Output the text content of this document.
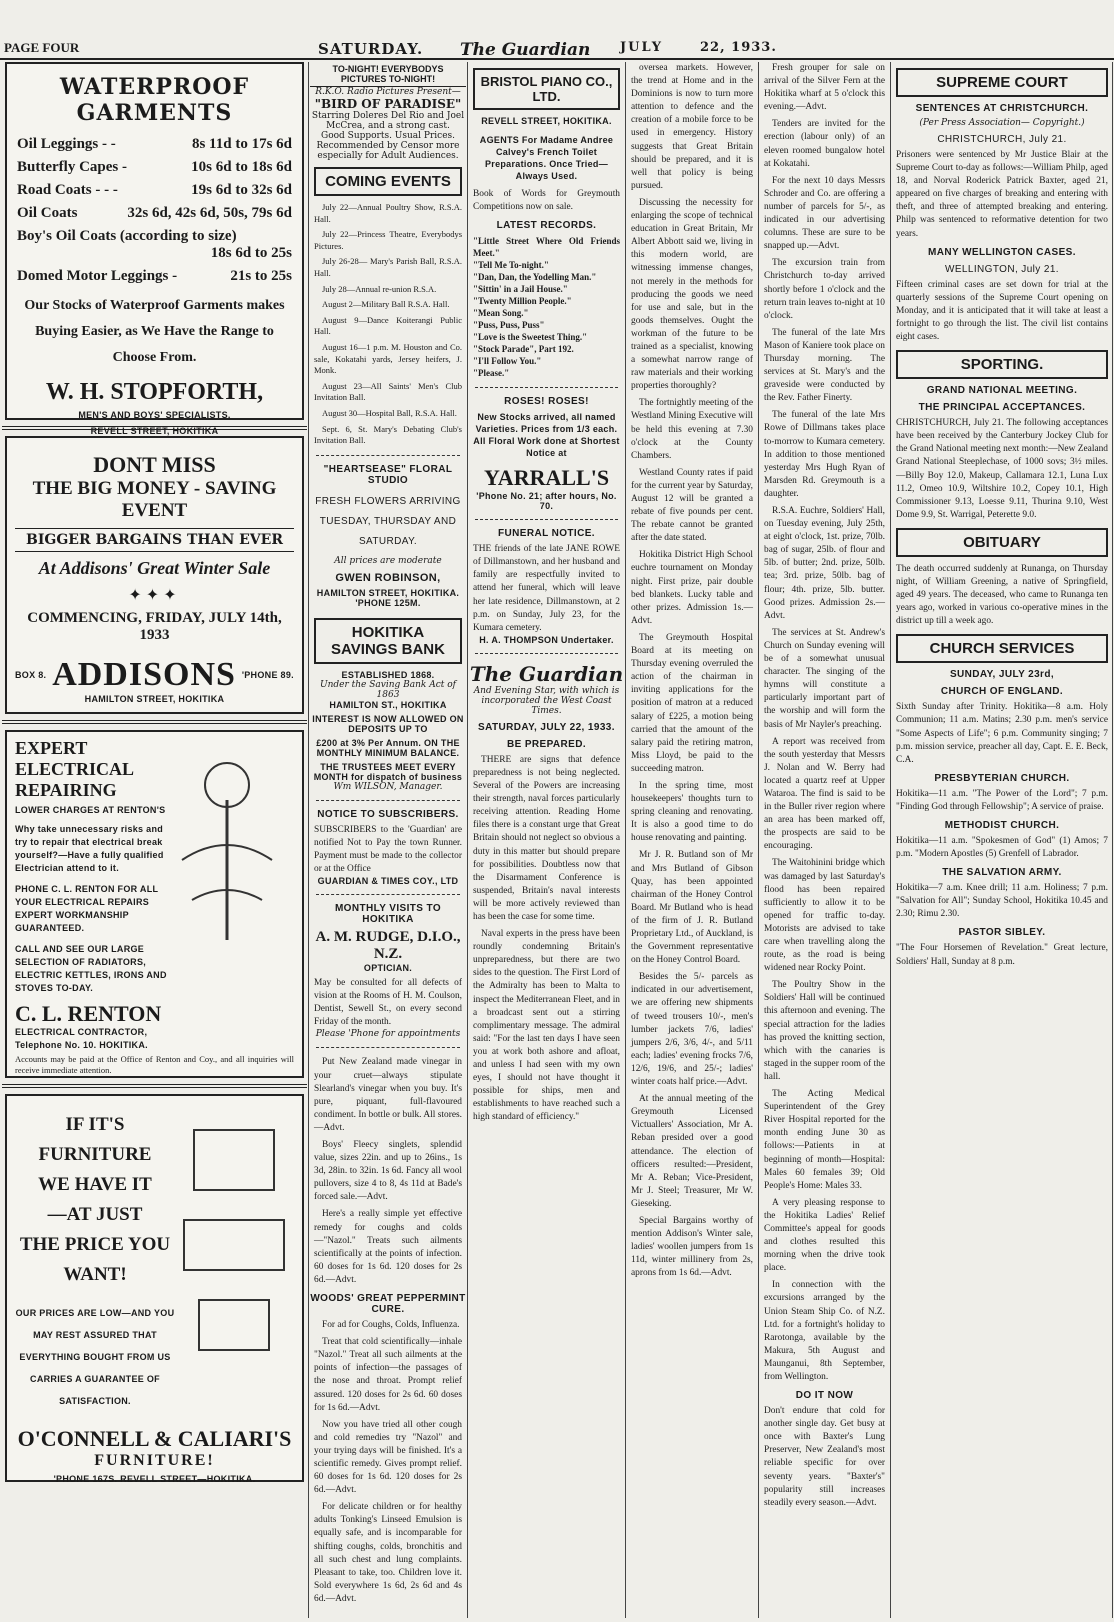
PAGE FOUR	SATURDAY. The Guardian JULY	22, 1933.
WATERPROOF GARMENTS
Oil Leggings - -	8s 11d to 17s 6d
Butterfly Capes -	10s 6d to 18s 6d
Road Coats - - -	19s 6d to 32s 6d
Oil Coats	32s 6d, 42s 6d, 50s, 79s 6d
Boy's Oil Coats (according to size)
18s 6d to 25s
Domed Motor Leggings -	21s to 25s
Our Stocks of Waterproof Garments makes Buying Easier, as We Have the Range to Choose From.
W. H. STOPFORTH,
MEN'S AND BOYS' SPECIALISTS,
REVELL STREET, HOKITIKA
DONT MISS
THE BIG MONEY - SAVING EVENT
BIGGER BARGAINS THAN EVER
At Addisons' Great Winter Sale
✦✦✦
COMMENCING, FRIDAY, JULY 14th, 1933
BOX 8. ADDISONS 'PHONE 89.
HAMILTON STREET, HOKITIKA
EXPERT
ELECTRICAL
REPAIRING
LOWER CHARGES AT RENTON'S
Why take unnecessary risks and try to repair that electrical break yourself?—Have a fully qualified Electrician attend to it.
PHONE C. L. RENTON FOR ALL YOUR ELECTRICAL REPAIRS EXPERT WORKMANSHIP GUARANTEED.
CALL AND SEE OUR LARGE SELECTION OF RADIATORS, ELECTRIC KETTLES, IRONS AND STOVES TO-DAY.
C. L. RENTON
ELECTRICAL CONTRACTOR,
Telephone No. 10. HOKITIKA.
Accounts may be paid at the Office of Renton and Coy., and all inquiries will receive immediate attention.
IF IT'S FURNITURE
WE HAVE IT
—AT JUST
THE PRICE YOU
WANT!
OUR PRICES ARE LOW—AND YOU MAY REST ASSURED THAT EVERYTHING BOUGHT FROM US CARRIES A GUARANTEE OF SATISFACTION.
O'CONNELL & CALIARI'S
FURNITURE!
'PHONE 167S. REVELL STREET—HOKITIKA.
TO-NIGHT! EVERYBODYS PICTURES TO-NIGHT!
R.K.O. Radio Pictures Present—
"BIRD OF PARADISE"
Starring Doleres Del Rio and Joel McCrea, and a strong cast.
Good Supports. Usual Prices.
Recommended by Censor more especially for Adult Audiences.
COMING EVENTS

July 22—Annual Poultry Show, R.S.A. Hall.

July 22—Princess Theatre, Everybodys Pictures.

July 26-28— Mary's Parish Ball, R.S.A. Hall.

July 28—Annual re-union R.S.A.

August 2—Military Ball R.S.A. Hall.

August 9—Dance Koiterangi Public Hall.

August 16—1 p.m. M. Houston and Co. sale, Kokatahi yards, Jersey heifers, J. Monk.

August 23—All Saints' Men's Club Invitation Ball.

August 30—Hospital Ball, R.S.A. Hall.

Sept. 6, St. Mary's Debating Club's Invitation Ball.

"HEARTSEASE" FLORAL STUDIO
FRESH FLOWERS ARRIVING TUESDAY, THURSDAY AND SATURDAY.
All prices are moderate
GWEN ROBINSON,
HAMILTON STREET, HOKITIKA.
'PHONE 125M.
HOKITIKA SAVINGS BANK
ESTABLISHED 1868.
Under the Saving Bank Act of 1863
HAMILTON ST., HOKITIKA
INTEREST IS NOW ALLOWED ON DEPOSITS UP TO
£200 at 3% Per Annum. ON THE MONTHLY MINIMUM BALANCE.
THE TRUSTEES MEET EVERY MONTH for dispatch of business
Wm WILSON, Manager.
NOTICE TO SUBSCRIBERS.
SUBSCRIBERS to the 'Guardian' are notified Not to Pay the town Runner. Payment must be made to the collector or at the Office
GUARDIAN & TIMES COY., LTD
MONTHLY VISITS TO HOKITIKA
A. M. RUDGE, D.I.O., N.Z.
OPTICIAN.
May be consulted for all defects of vision at the Rooms of H. M. Coulson, Dentist, Sewell St., on every second Friday of the month.
Please 'Phone for appointments

Put New Zealand made vinegar in your cruet—always stipulate Slearland's vinegar when you buy. It's pure, piquant, full-flavoured condiment. In bottle or bulk. All stores.—Advt.

Boys' Fleecy singlets, splendid value, sizes 22in. and up to 26ins., 1s 3d, 28in. to 32in. 1s 6d. Fancy all wool pullovers, size 4 to 8, 4s 11d at Bade's forced sale.—Advt.

Here's a really simple yet effective remedy for coughs and colds—"Nazol." Treats such ailments scientifically at the points of infection. 60 doses for 1s 6d. 120 doses for 2s 6d.—Advt.

WOODS' GREAT PEPPERMINT CURE.

For ad for Coughs, Colds, Influenza.

Treat that cold scientifically—inhale "Nazol." Treat all such ailments at the points of infection—the passages of the nose and throat. Prompt relief assured. 120 doses for 2s 6d. 60 doses for 1s 6d.—Advt.

Now you have tried all other cough and cold remedies try "Nazol" and your trying days will be finished. It's a scientific remedy. Gives prompt relief. 60 doses for 1s 6d. 120 doses for 2s 6d.—Advt.

For delicate children or for healthy adults Tonking's Linseed Emulsion is equally safe, and is incomparable for shifting coughs, colds, bronchitis and all such chest and lung complaints. Pleasant to take, too. Children love it. Sold everywhere 1s 6d, 2s 6d and 4s 6d.—Advt.

BRISTOL PIANO CO., LTD.
REVELL STREET, HOKITIKA.
AGENTS For Madame Andree Calvey's French Toilet Preparations. Once Tried—Always Used.
Book of Words for Greymouth Competitions now on sale.
LATEST RECORDS.
"Little Street Where Old Friends Meet."
"Tell Me To-night."
"Dan, Dan, the Yodelling Man."
"Sittin' in a Jail House."
"Twenty Million People."
"Mean Song."
"Puss, Puss, Puss"
"Love is the Sweetest Thing."
"Stock Parade", Part 192.
"I'll Follow You."
"Please."
ROSES! ROSES!
New Stocks arrived, all named Varieties. Prices from 1/3 each. All Floral Work done at Shortest Notice at
YARRALL'S
'Phone No. 21; after hours, No. 70.
FUNERAL NOTICE.
THE friends of the late JANE ROWE of Dillmanstown, and her husband and family are respectfully invited to attend her funeral, which will leave her late residence, Dillmanstown, at 2 p.m. on Sunday, July 23, for the Kumara cemetery.
H. A. THOMPSON Undertaker.
The Guardian
And Evening Star, with which is incorporated the West Coast Times.
SATURDAY, JULY 22, 1933.
BE PREPARED.

THERE are signs that defence preparedness is not being neglected. Several of the Powers are increasing their strength, naval forces particularly receiving attention. Reading Home files there is a constant urge that Great Britain should not neglect so obvious a duty in this matter but should prepare for possibilities. Doubtless now that the Disarmament Conference is suspended, Britain's naval interests will be more actively reviewed than has been the case for some time.

Naval experts in the press have been roundly condemning Britain's unpreparedness, but there are two sides to the question. The First Lord of the Admiralty has been to Malta to inspect the Mediterranean Fleet, and in a broadcast sent out a stirring complimentary message. The admiral said: "For the last ten days I have seen you at work both ashore and afloat, and unless I had seen with my own eyes, I should not have thought it possible for ships, men and establishments to have reached such a high standard of efficiency."

oversea markets. However, the trend at Home and in the Dominions is now to turn more attention to defence and the creation of a mobile force to be used in emergency. History suggests that Great Britain should be prepared, and it is well that policy is being pursued.

Discussing the necessity for enlarging the scope of technical education in Great Britain, Mr Albert Abbott said we, living in this modern world, are witnessing immense changes, not merely in the methods for producing the goods we need for use and sale, but in the goods themselves. Ought the workman of the future to be trained as a specialist, knowing a somewhat narrow range of raw materials and their working properties thoroughly?

The fortnightly meeting of the Westland Mining Executive will be held this evening at 7.30 o'clock at the County Chambers.

Westland County rates if paid for the current year by Saturday, August 12 will be granted a rebate of five pounds per cent. The rebate cannot be granted after the date stated.

Hokitika District High School euchre tournament on Monday night. First prize, pair double bed blankets. Lucky table and other prizes. Admission 1s.—Advt.

The Greymouth Hospital Board at its meeting on Thursday evening overruled the action of the chairman in inviting applications for the position of matron at a reduced salary of £225, a motion being carried that the amount of the salary paid the retiring matron, Miss Lloyd, be paid to the succeeding matron.

In the spring time, most housekeepers' thoughts turn to spring cleaning and renovating. It is also a good time to do house renovating and painting.

Mr J. R. Butland son of Mr and Mrs Butland of Gibson Quay, has been appointed chairman of the Honey Control Board. Mr Butland who is head of the firm of J. R. Butland Proprietary Ltd., of Auckland, is the Government representative on the Honey Control Board.

Besides the 5/- parcels as indicated in our advertisement, we are offering new shipments of tweed trousers 10/-, men's lumber jackets 7/6, ladies' jumpers 2/6, 3/6, 4/-, and 5/11 each; ladies' evening frocks 7/6, 12/6, 19/6, and 25/-; ladies' winter coats half price.—Advt.

At the annual meeting of the Greymouth Licensed Victuallers' Association, Mr A. Reban presided over a good attendance. The election of officers resulted:—President, Mr A. Reban; Vice-President, Mr J. Steel; Treasurer, Mr W. Gieseking.

Special Bargains worthy of mention Addison's Winter sale, ladies' woollen jumpers from 1s 11d, winter millinery from 2s, aprons from 1s 6d.—Advt.

Fresh grouper for sale on arrival of the Silver Fern at the Hokitika wharf at 5 o'clock this evening.—Advt.

Tenders are invited for the erection (labour only) of an eleven roomed bungalow hotel at Kokatahi.

For the next 10 days Messrs Schroder and Co. are offering a number of parcels for 5/-, as indicated in our advertising columns. These are sure to be snapped up.—Advt.

The excursion train from Christchurch to-day arrived shortly before 1 o'clock and the return train leaves to-night at 10 o'clock.

The funeral of the late Mrs Mason of Kaniere took place on Thursday morning. The services at St. Mary's and the graveside were conducted by the Rev. Father Finerty.

The funeral of the late Mrs Rowe of Dillmans takes place to-morrow to Kumara cemetery. In addition to those mentioned yesterday Mrs Hugh Ryan of Marsden Rd. Greymouth is a daughter.

R.S.A. Euchre, Soldiers' Hall, on Tuesday evening, July 25th, at eight o'clock, 1st. prize, 70lb. bag of sugar, 25lb. of flour and 5lb. of butter; 2nd. prize, 50lb. tea; 3rd. prize, 50lb. bag of flour; 4th. prize, 5lb. butter. Good prizes. Admission 2s.—Advt.

The services at St. Andrew's Church on Sunday evening will be of a somewhat unusual character. The singing of the hymns will constitute a particularly important part of the worship and will form the basis of Mr Nayler's preaching.

A report was received from the south yesterday that Messrs J. Nolan and W. Berry had located a quartz reef at Upper Wataroa. The find is said to be in the Buller river region where an area has been marked off, the prospects are said to be encouraging.

The Waitohinini bridge which was damaged by last Saturday's flood has been repaired sufficiently to allow it to be opened for traffic to-day. Motorists are advised to take care when travelling along the route, as the road is being widened near Rocky Point.

The Poultry Show in the Soldiers' Hall will be continued this afternoon and evening. The special attraction for the ladies has proved the knitting section, which with the canaries is staged in the supper room of the hall.

The Acting Medical Superintendent of the Grey River Hospital reported for the month ending June 30 as follows:—Patients in at beginning of month—Hospital: Males 60 females 39; Old People's Home: Males 33.

A very pleasing response to the Hokitika Ladies' Relief Committee's appeal for goods and clothes resulted this morning when the drive took place.

In connection with the excursions arranged by the Union Steam Ship Co. of N.Z. Ltd. for a fortnight's holiday to Rarotonga, available by the Makura, 5th August and Maunganui, 8th September, from Wellington.

DO IT NOW
Don't endure that cold for another single day. Get busy at once with Baxter's Lung Preserver, New Zealand's most reliable specific for over seventy years. "Baxter's" popularity still increases steadily every season.—Advt.
SUPREME COURT
SENTENCES AT CHRISTCHURCH.
(Per Press Association— Copyright.)
CHRISTCHURCH, July 21.
Prisoners were sentenced by Mr Justice Blair at the Supreme Court to-day as follows:—William Philp, aged 18, and Norval Roderick Patrick Baxter, aged 21, appeared on five charges of breaking and entering with theft, and three of attempted breaking and entering. Philp was sentenced to reformative detention for two years.
MANY WELLINGTON CASES.
WELLINGTON, July 21.
Fifteen criminal cases are set down for trial at the quarterly sessions of the Supreme Court opening on Monday, and it is anticipated that it will take at least a fortnight to go through the list. The civil list contains eight cases.
SPORTING.
GRAND NATIONAL MEETING.
THE PRINCIPAL ACCEPTANCES.
CHRISTCHURCH, July 21. The following acceptances have been received by the Canterbury Jockey Club for the Grand National meeting next month:—New Zealand Grand National Steeplechase, of 1000 sovs; 3½ miles.—Billy Boy 12.0, Makeup, Callamara 12.1, Luna Lux 11.2, Omeo 10.9, Wiltshire 10.2, Copey 10.1, High Commissioner 9.13, Loesse 9.11, Thurina 9.10, West Dome 9.9, St. Warrigal, Peterette 9.0.
OBITUARY
The death occurred suddenly at Runanga, on Thursday night, of William Greening, a native of Springfield, aged 49 years. The deceased, who came to Runanga ten years ago, worked in various co-operative mines in the district up till a week ago.
CHURCH SERVICES
SUNDAY, JULY 23rd,
CHURCH OF ENGLAND.
Sixth Sunday after Trinity. Hokitika—8 a.m. Holy Communion; 11 a.m. Matins; 2.30 p.m. men's service "Some Aspects of Life"; 6 p.m. Community singing; 7 p.m. mission service, preacher all day, Capt. E. E. Beck, C.A.
PRESBYTERIAN CHURCH.
Hokitika—11 a.m. "The Power of the Lord"; 7 p.m. "Finding God through Fellowship"; A service of praise.
METHODIST CHURCH.
Hokitika—11 a.m. "Spokesmen of God" (1) Amos; 7 p.m. "Modern Apostles (5) Grenfell of Labrador.
THE SALVATION ARMY.
Hokitika—7 a.m. Knee drill; 11 a.m. Holiness; 7 p.m. "Salvation for All"; Sunday School, Hokitika 10.45 and 2.30; Rimu 2.30.
PASTOR SIBLEY.
"The Four Horsemen of Revelation." Great lecture, Soldiers' Hall, Sunday at 8 p.m.
